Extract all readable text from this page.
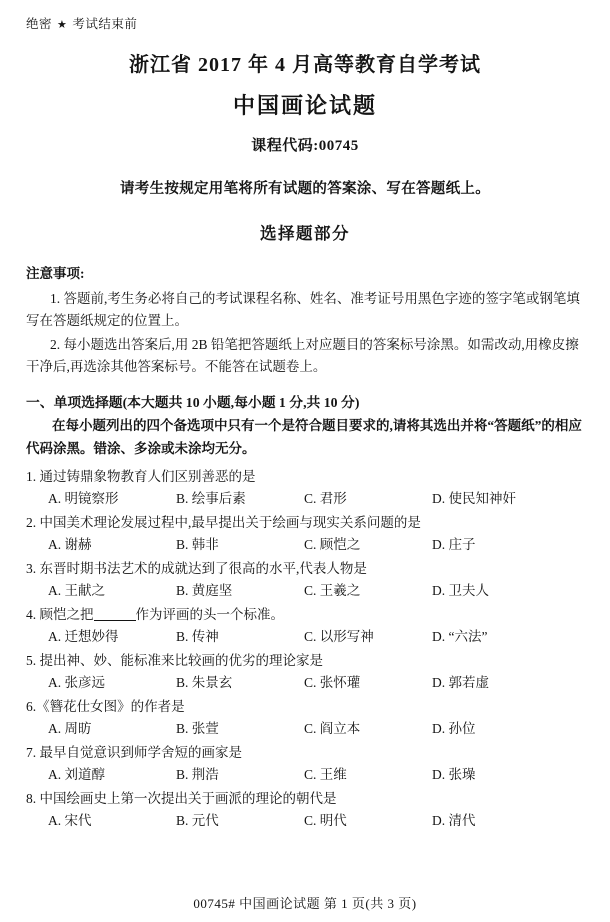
绝密 ★ 考试结束前
浙江省 2017 年 4 月高等教育自学考试
中国画论试题
课程代码:00745
请考生按规定用笔将所有试题的答案涂、写在答题纸上。
选择题部分
注意事项:

1. 答题前,考生务必将自己的考试课程名称、姓名、准考证号用黑色字迹的签字笔或钢笔填写在答题纸规定的位置上。

2. 每小题选出答案后,用 2B 铅笔把答题纸上对应题目的答案标号涂黑。如需改动,用橡皮擦干净后,再选涂其他答案标号。不能答在试题卷上。

一、单项选择题(本大题共 10 小题,每小题 1 分,共 10 分)

在每小题列出的四个备选项中只有一个是符合题目要求的,请将其选出并将“答题纸”的相应代码涂黑。错涂、多涂或未涂均无分。

1. 通过铸鼎象物教育人们区别善恶的是

A. 明镜察形	B. 绘事后素	C. 君形	D. 使民知神奸

2. 中国美术理论发展过程中,最早提出关于绘画与现实关系问题的是

A. 谢赫	B. 韩非	C. 顾恺之	D. 庄子

3. 东晋时期书法艺术的成就达到了很高的水平,代表人物是

A. 王献之	B. 黄庭坚	C. 王羲之	D. 卫夫人

4. 顾恺之把	作为评画的头一个标准。

A. 迁想妙得	B. 传神	C. 以形写神	D. “六法”

5. 提出神、妙、能标准来比较画的优劣的理论家是

A. 张彦远	B. 朱景玄	C. 张怀瓘	D. 郭若虚

6.《簪花仕女图》的作者是

A. 周昉	B. 张萱	C. 阎立本	D. 孙位

7. 最早自觉意识到师学舍短的画家是

A. 刘道醇	B. 荆浩	C. 王维	D. 张璪

8. 中国绘画史上第一次提出关于画派的理论的朝代是

A. 宋代	B. 元代	C. 明代	D. 清代
00745# 中国画论试题 第 1 页(共 3 页)
